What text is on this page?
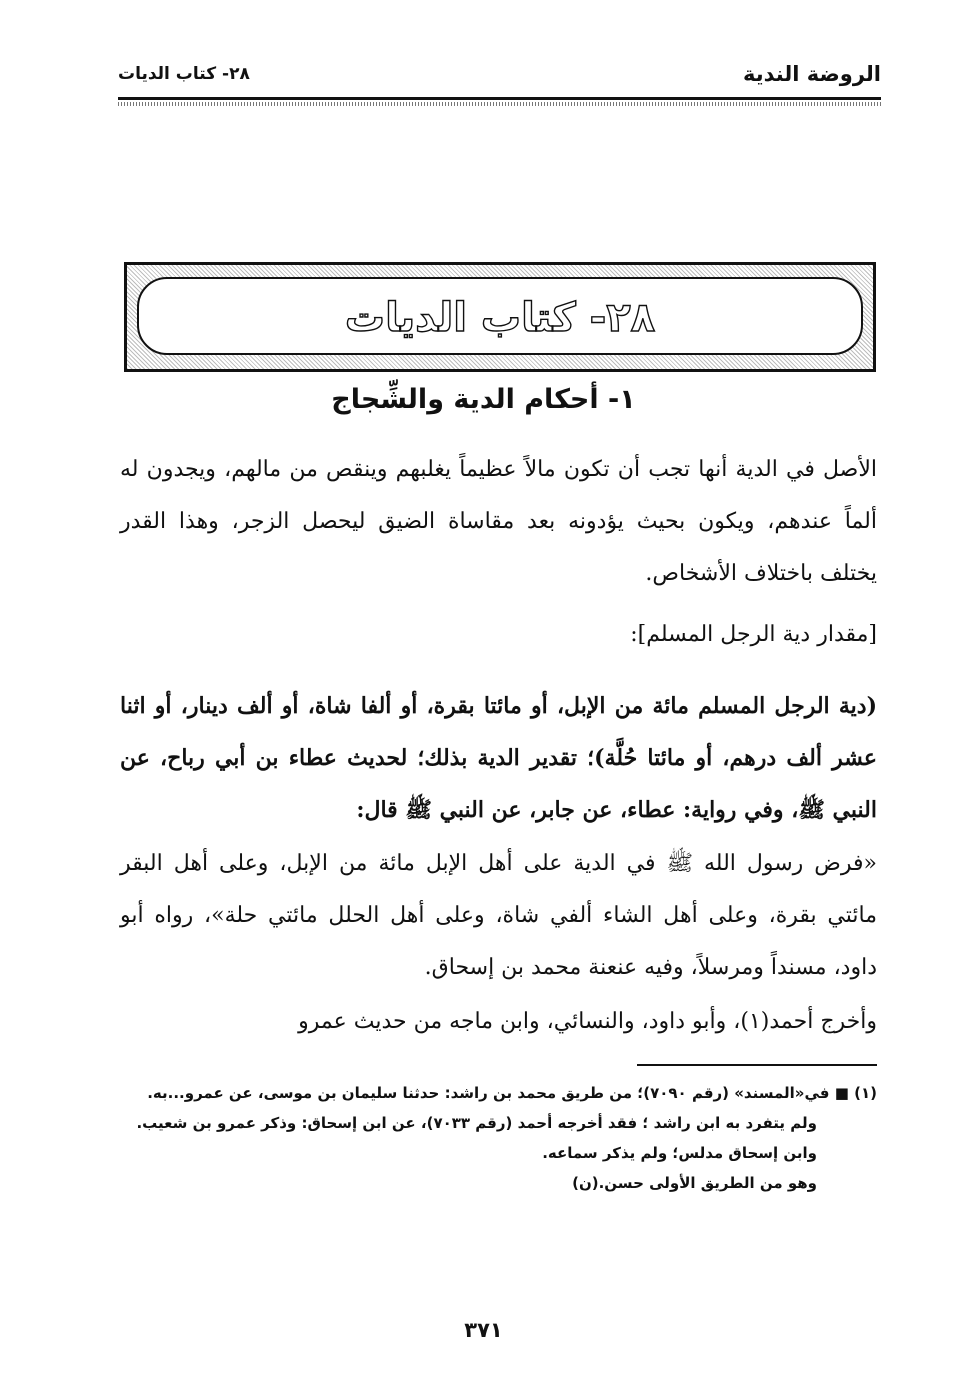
الروضة الندية
٢٨- كتاب الديات
٢٨- كتاب الديات
١- أحكام الدية والشِّجاج

الأصل في الدية أنها تجب أن تكون مالاً عظيماً يغلبهم وينقص من مالهم، ويجدون له ألماً عندهم، ويكون بحيث يؤدونه بعد مقاساة الضيق ليحصل الزجر، وهذا القدر يختلف باختلاف الأشخاص.

[مقدار دية الرجل المسلم]:

(دية الرجل المسلم مائة من الإبل، أو مائتا بقرة، أو ألفا شاة، أو ألف دينار، أو اثنا عشر ألف درهم، أو مائتا حُلَّة)؛ تقدير الدية بذلك؛ لحديث عطاء بن أبي رباح، عن النبي ﷺ، وفي رواية: عطاء، عن جابر، عن النبي ﷺ قال:

«فرض رسول الله ﷺ في الدية على أهل الإبل مائة من الإبل، وعلى أهل البقر مائتي بقرة، وعلى أهل الشاء ألفي شاة، وعلى أهل الحلل مائتي حلة»، رواه أبو داود، مسنداً ومرسلاً، وفيه عنعنة محمد بن إسحاق.

وأخرج أحمد(١)، وأبو داود، والنسائي، وابن ماجه من حديث عمرو

(١) ■ في«المسند» (رقم ٧٠٩٠)؛ من طريق محمد بن راشد: حدثنا سليمان بن موسى، عن عمرو...به.
ولم يتفرد به ابن راشد ؛ فقد أخرجه أحمد (رقم ٧٠٣٣)، عن ابن إسحاق: وذكر عمرو بن شعيب.
وابن إسحاق مدلس؛ ولم يذكر سماعه.
وهو من الطريق الأولى حسن.(ن)
٣٧١
